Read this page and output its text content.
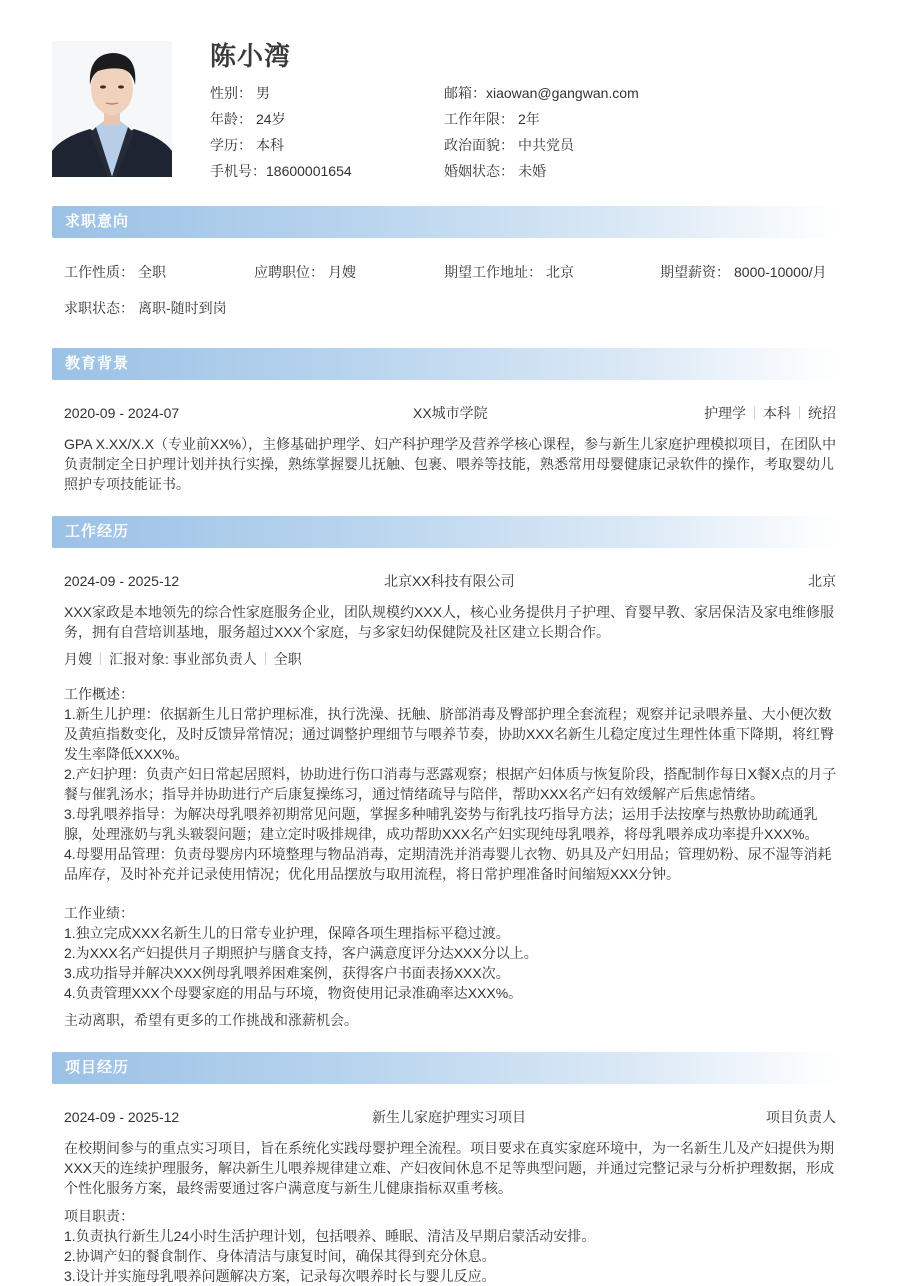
陈小湾
性别： 男
年龄： 24岁
学历： 本科
手机号：18600001654
邮箱：xiaowan@gangwan.com
工作年限： 2年
政治面貌： 中共党员
婚姻状态： 未婚
求职意向
工作性质： 全职	应聘职位： 月嫂	期望工作地址： 北京	期望薪资： 8000-10000/月
求职状态： 离职-随时到岗
教育背景
2020-09 - 2024-07	XX城市学院	护理学 本科 统招
GPA X.XX/X.X（专业前XX%），主修基础护理学、妇产科护理学及营养学核心课程，参与新生儿家庭护理模拟项目，在团队中负责制定全日护理计划并执行实操，熟练掌握婴儿抚触、包裹、喂养等技能，熟悉常用母婴健康记录软件的操作，考取婴幼儿照护专项技能证书。
工作经历
2024-09 - 2025-12	北京XX科技有限公司	北京
XXX家政是本地领先的综合性家庭服务企业，团队规模约XXX人，核心业务提供月子护理、育婴早教、家居保洁及家电维修服务，拥有自营培训基地，服务超过XXX个家庭，与多家妇幼保健院及社区建立长期合作。
月嫂 汇报对象: 事业部负责人 全职
工作概述：
1.新生儿护理：依据新生儿日常护理标准，执行洗澡、抚触、脐部消毒及臀部护理全套流程；观察并记录喂养量、大小便次数及黄疸指数变化，及时反馈异常情况；通过调整护理细节与喂养节奏，协助XXX名新生儿稳定度过生理性体重下降期，将红臀发生率降低XXX%。
2.产妇护理：负责产妇日常起居照料，协助进行伤口消毒与恶露观察；根据产妇体质与恢复阶段，搭配制作每日X餐X点的月子餐与催乳汤水；指导并协助进行产后康复操练习，通过情绪疏导与陪伴，帮助XXX名产妇有效缓解产后焦虑情绪。
3.母乳喂养指导：为解决母乳喂养初期常见问题，掌握多种哺乳姿势与衔乳技巧指导方法；运用手法按摩与热敷协助疏通乳腺，处理涨奶与乳头皲裂问题；建立定时吸排规律，成功帮助XXX名产妇实现纯母乳喂养，将母乳喂养成功率提升XXX%。
4.母婴用品管理：负责母婴房内环境整理与物品消毒，定期清洗并消毒婴儿衣物、奶具及产妇用品；管理奶粉、尿不湿等消耗品库存，及时补充并记录使用情况；优化用品摆放与取用流程，将日常护理准备时间缩短XXX分钟。
工作业绩：
1.独立完成XXX名新生儿的日常专业护理，保障各项生理指标平稳过渡。
2.为XXX名产妇提供月子期照护与膳食支持，客户满意度评分达XXX分以上。
3.成功指导并解决XXX例母乳喂养困难案例，获得客户书面表扬XXX次。
4.负责管理XXX个母婴家庭的用品与环境，物资使用记录准确率达XXX%。
主动离职，希望有更多的工作挑战和涨薪机会。
项目经历
2024-09 - 2025-12	新生儿家庭护理实习项目	项目负责人
在校期间参与的重点实习项目，旨在系统化实践母婴护理全流程。项目要求在真实家庭环境中，为一名新生儿及产妇提供为期XXX天的连续护理服务，解决新生儿喂养规律建立难、产妇夜间休息不足等典型问题，并通过完整记录与分析护理数据，形成个性化服务方案，最终需要通过客户满意度与新生儿健康指标双重考核。
项目职责：
1.负责执行新生儿24小时生活护理计划，包括喂养、睡眠、清洁及早期启蒙活动安排。
2.协调产妇的餐食制作、身体清洁与康复时间，确保其得到充分休息。
3.设计并实施母乳喂养问题解决方案，记录每次喂养时长与婴儿反应。
